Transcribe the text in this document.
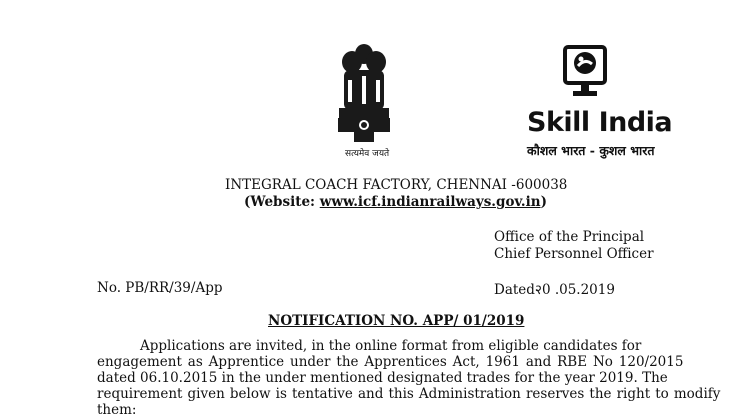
सत्यमेव जयते
Skill India
कौशल भारत - कुशल भारत
INTEGRAL COACH FACTORY, CHENNAI -600038
(Website: www.icf.indianrailways.gov.in)
Office of the Principal
Chief Personnel Officer
No. PB/RR/39/App	Dated२0 .05.2019
NOTIFICATION NO. APP/ 01/2019
Applications are invited, in the online format from eligible candidates for
engagement as Apprentice under the Apprentices Act, 1961 and RBE No 120/2015
dated 06.10.2015 in the under mentioned designated trades for the year 2019. The
requirement given below is tentative and this Administration reserves the right to modify
them:
